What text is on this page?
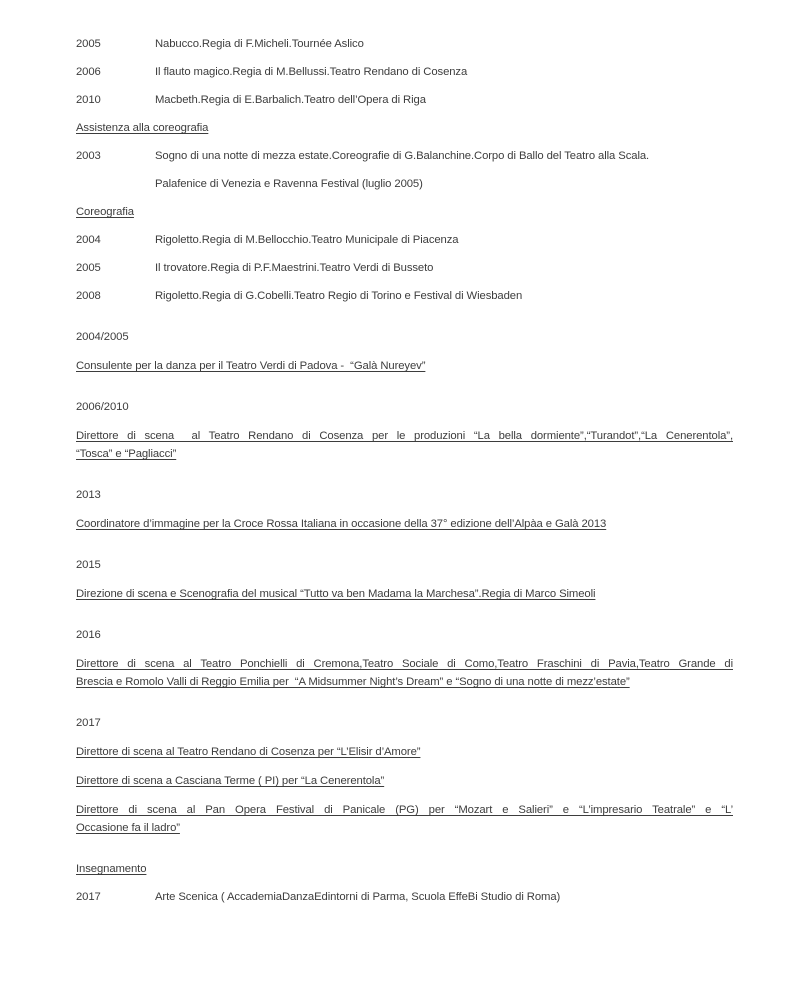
2005	Nabucco.Regia di F.Micheli.Tournée Aslico
2006	Il flauto magico.Regia di M.Bellussi.Teatro Rendano di Cosenza
2010	Macbeth.Regia di E.Barbalich.Teatro dell’Opera di Riga
Assistenza alla coreografia
2003	Sogno di una notte di mezza estate.Coreografie di G.Balanchine.Corpo di Ballo del Teatro alla Scala.
Palafenice di Venezia e Ravenna Festival (luglio 2005)
Coreografia
2004	Rigoletto.Regia di M.Bellocchio.Teatro Municipale di Piacenza
2005	Il trovatore.Regia di P.F.Maestrini.Teatro Verdi di Busseto
2008	Rigoletto.Regia di G.Cobelli.Teatro Regio di Torino e Festival di Wiesbaden
2004/2005
Consulente per la danza per il Teatro Verdi di Padova -  “Galà Nureyev”
2006/2010
Direttore di scena  al Teatro Rendano di Cosenza per le produzioni “La bella dormiente”,“Turandot”,“La Cenerentola”,
“Tosca” e “Pagliacci”
2013
Coordinatore d’immagine per la Croce Rossa Italiana in occasione della 37° edizione dell’Alpàa e Galà 2013
2015
Direzione di scena e Scenografia del musical “Tutto va ben Madama la Marchesa”.Regia di Marco Simeoli
2016
Direttore di scena al Teatro Ponchielli di Cremona,Teatro Sociale di Como,Teatro Fraschini di Pavia,Teatro Grande di
Brescia e Romolo Valli di Reggio Emilia per  “A Midsummer Night’s Dream” e “Sogno di una notte di mezz’estate”
2017
Direttore di scena al Teatro Rendano di Cosenza per “L’Elisir d’Amore”
Direttore di scena a Casciana Terme ( PI) per “La Cenerentola”
Direttore di scena al Pan Opera Festival di Panicale (PG) per “Mozart e Salieri” e “L’impresario Teatrale” e “L’
Occasione fa il ladro”
Insegnamento
2017	Arte Scenica ( AccademiaDanzaEdintorni di Parma, Scuola EffeBi Studio di Roma)
